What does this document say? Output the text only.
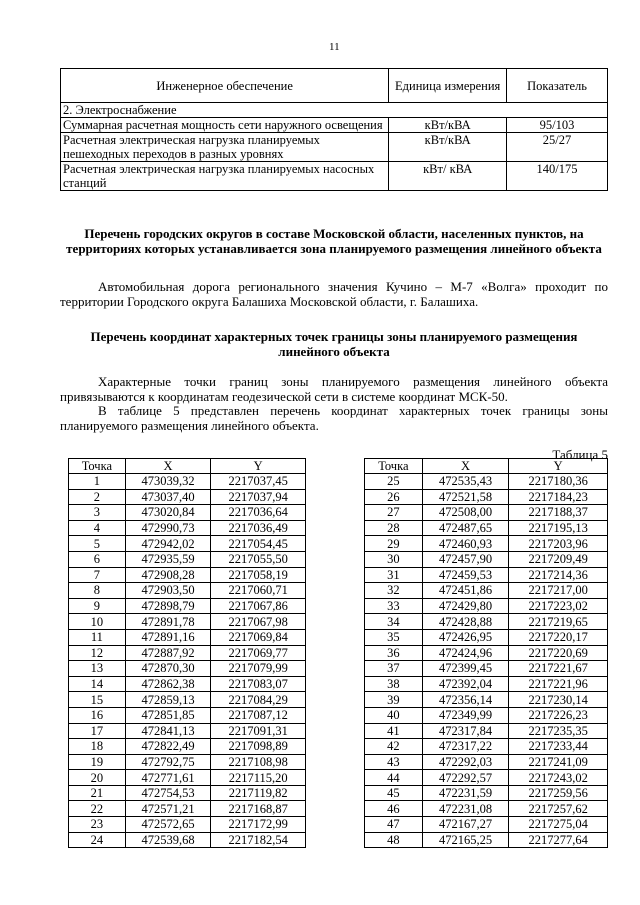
11
Инженерное обеспечение	Единица измерения	Показатель
2. Электроснабжение		
Суммарная расчетная мощность сети наружного освещения	кВт/кВА	95/103
Расчетная электрическая нагрузка планируемых пешеходных переходов в разных уровнях	кВт/кВА	25/27
Расчетная электрическая нагрузка планируемых насосных станций	кВт/ кВА	140/175
Перечень городских округов в составе Московской области, населенных пунктов, на территориях которых устанавливается зона планируемого размещения линейного объекта
Автомобильная дорога регионального значения Кучино – М-7 «Волга» проходит по территории Городского округа Балашиха Московской области, г. Балашиха.
Перечень координат характерных точек границы зоны планируемого размещения линейного объекта
Характерные точки границ зоны планируемого размещения линейного объекта привязываются к координатам геодезической сети в системе координат МСК-50.
В таблице 5 представлен перечень координат характерных точек границы зоны планируемого размещения линейного объекта.
Таблица 5
Точка	X	Y
1	473039,32	2217037,45
2	473037,40	2217037,94
3	473020,84	2217036,64
4	472990,73	2217036,49
5	472942,02	2217054,45
6	472935,59	2217055,50
7	472908,28	2217058,19
8	472903,50	2217060,71
9	472898,79	2217067,86
10	472891,78	2217067,98
11	472891,16	2217069,84
12	472887,92	2217069,77
13	472870,30	2217079,99
14	472862,38	2217083,07
15	472859,13	2217084,29
16	472851,85	2217087,12
17	472841,13	2217091,31
18	472822,49	2217098,89
19	472792,75	2217108,98
20	472771,61	2217115,20
21	472754,53	2217119,82
22	472571,21	2217168,87
23	472572,65	2217172,99
24	472539,68	2217182,54
Точка	X	Y
25	472535,43	2217180,36
26	472521,58	2217184,23
27	472508,00	2217188,37
28	472487,65	2217195,13
29	472460,93	2217203,96
30	472457,90	2217209,49
31	472459,53	2217214,36
32	472451,86	2217217,00
33	472429,80	2217223,02
34	472428,88	2217219,65
35	472426,95	2217220,17
36	472424,96	2217220,69
37	472399,45	2217221,67
38	472392,04	2217221,96
39	472356,14	2217230,14
40	472349,99	2217226,23
41	472317,84	2217235,35
42	472317,22	2217233,44
43	472292,03	2217241,09
44	472292,57	2217243,02
45	472231,59	2217259,56
46	472231,08	2217257,62
47	472167,27	2217275,04
48	472165,25	2217277,64
